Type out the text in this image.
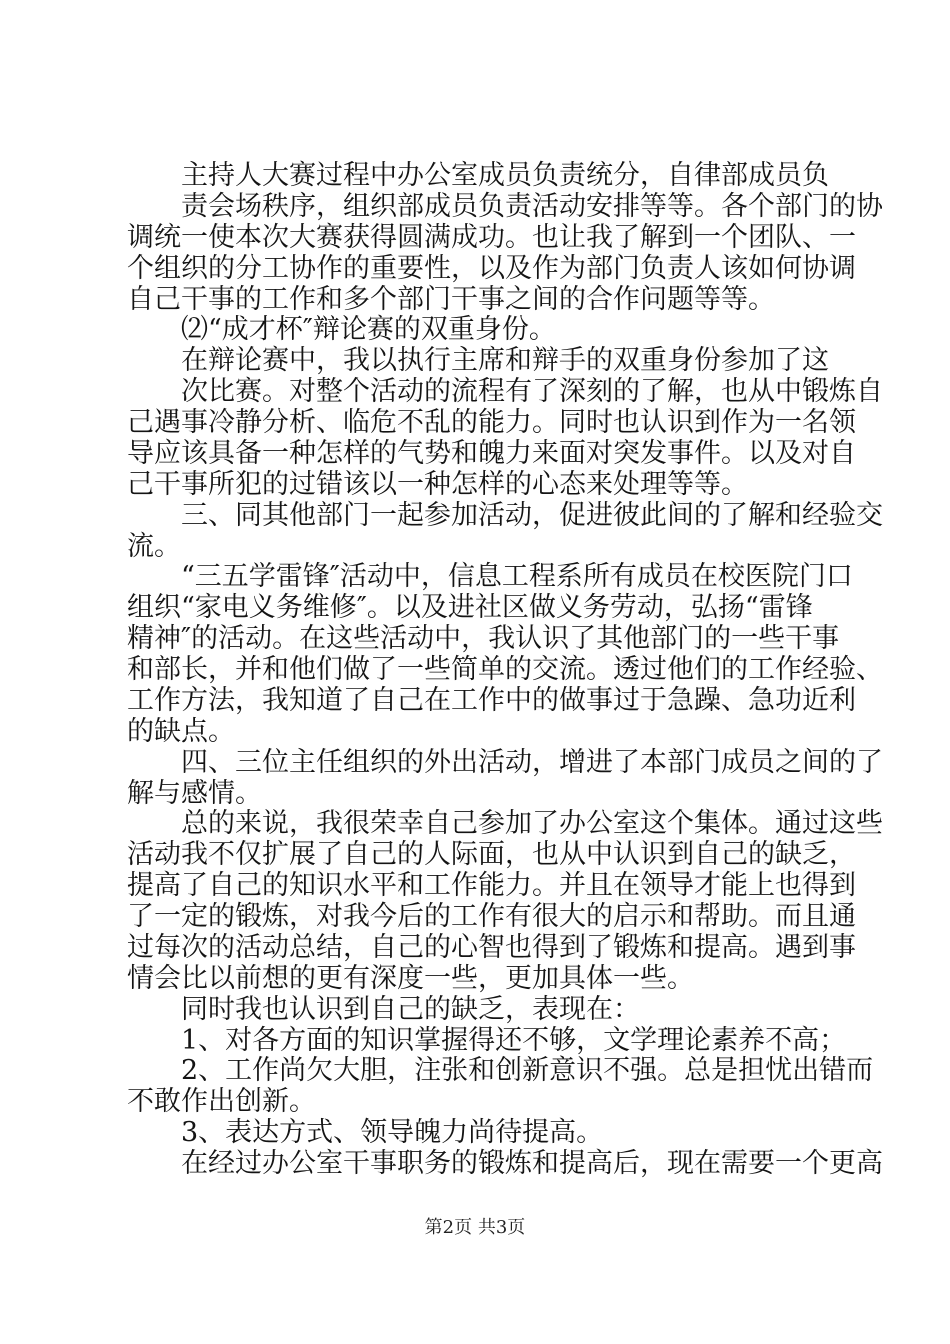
主持人大赛过程中办公室成员负责统分，自律部成员负
责会场秩序，组织部成员负责活动安排等等。各个部门的协
调统一使本次大赛获得圆满成功。也让我了解到一个团队、一
个组织的分工协作的重要性，以及作为部门负责人该如何协调
自己干事的工作和多个部门干事之间的合作问题等等。
⑵“成才杯″辩论赛的双重身份。
在辩论赛中，我以执行主席和辩手的双重身份参加了这
次比赛。对整个活动的流程有了深刻的了解，也从中锻炼自
己遇事冷静分析、临危不乱的能力。同时也认识到作为一名领
导应该具备一种怎样的气势和魄力来面对突发事件。以及对自
己干事所犯的过错该以一种怎样的心态来处理等等。
三、同其他部门一起参加活动，促进彼此间的了解和经验交
流。
“三五学雷锋″活动中，信息工程系所有成员在校医院门口
组织“家电义务维修″。以及进社区做义务劳动，弘扬“雷锋
精神″的活动。在这些活动中，我认识了其他部门的一些干事
和部长，并和他们做了一些简单的交流。透过他们的工作经验、
工作方法，我知道了自己在工作中的做事过于急躁、急功近利
的缺点。
四、三位主任组织的外出活动，增进了本部门成员之间的了
解与感情。
总的来说，我很荣幸自己参加了办公室这个集体。通过这些
活动我不仅扩展了自己的人际面，也从中认识到自己的缺乏，
提高了自己的知识水平和工作能力。并且在领导才能上也得到
了一定的锻炼，对我今后的工作有很大的启示和帮助。而且通
过每次的活动总结，自己的心智也得到了锻炼和提高。遇到事
情会比以前想的更有深度一些，更加具体一些。
同时我也认识到自己的缺乏，表现在：
1、对各方面的知识掌握得还不够，文学理论素养不高；
2、工作尚欠大胆，注张和创新意识不强。总是担忧出错而
不敢作出创新。
3、表达方式、领导魄力尚待提高。
在经过办公室干事职务的锻炼和提高后，现在需要一个更高
第2页 共3页
